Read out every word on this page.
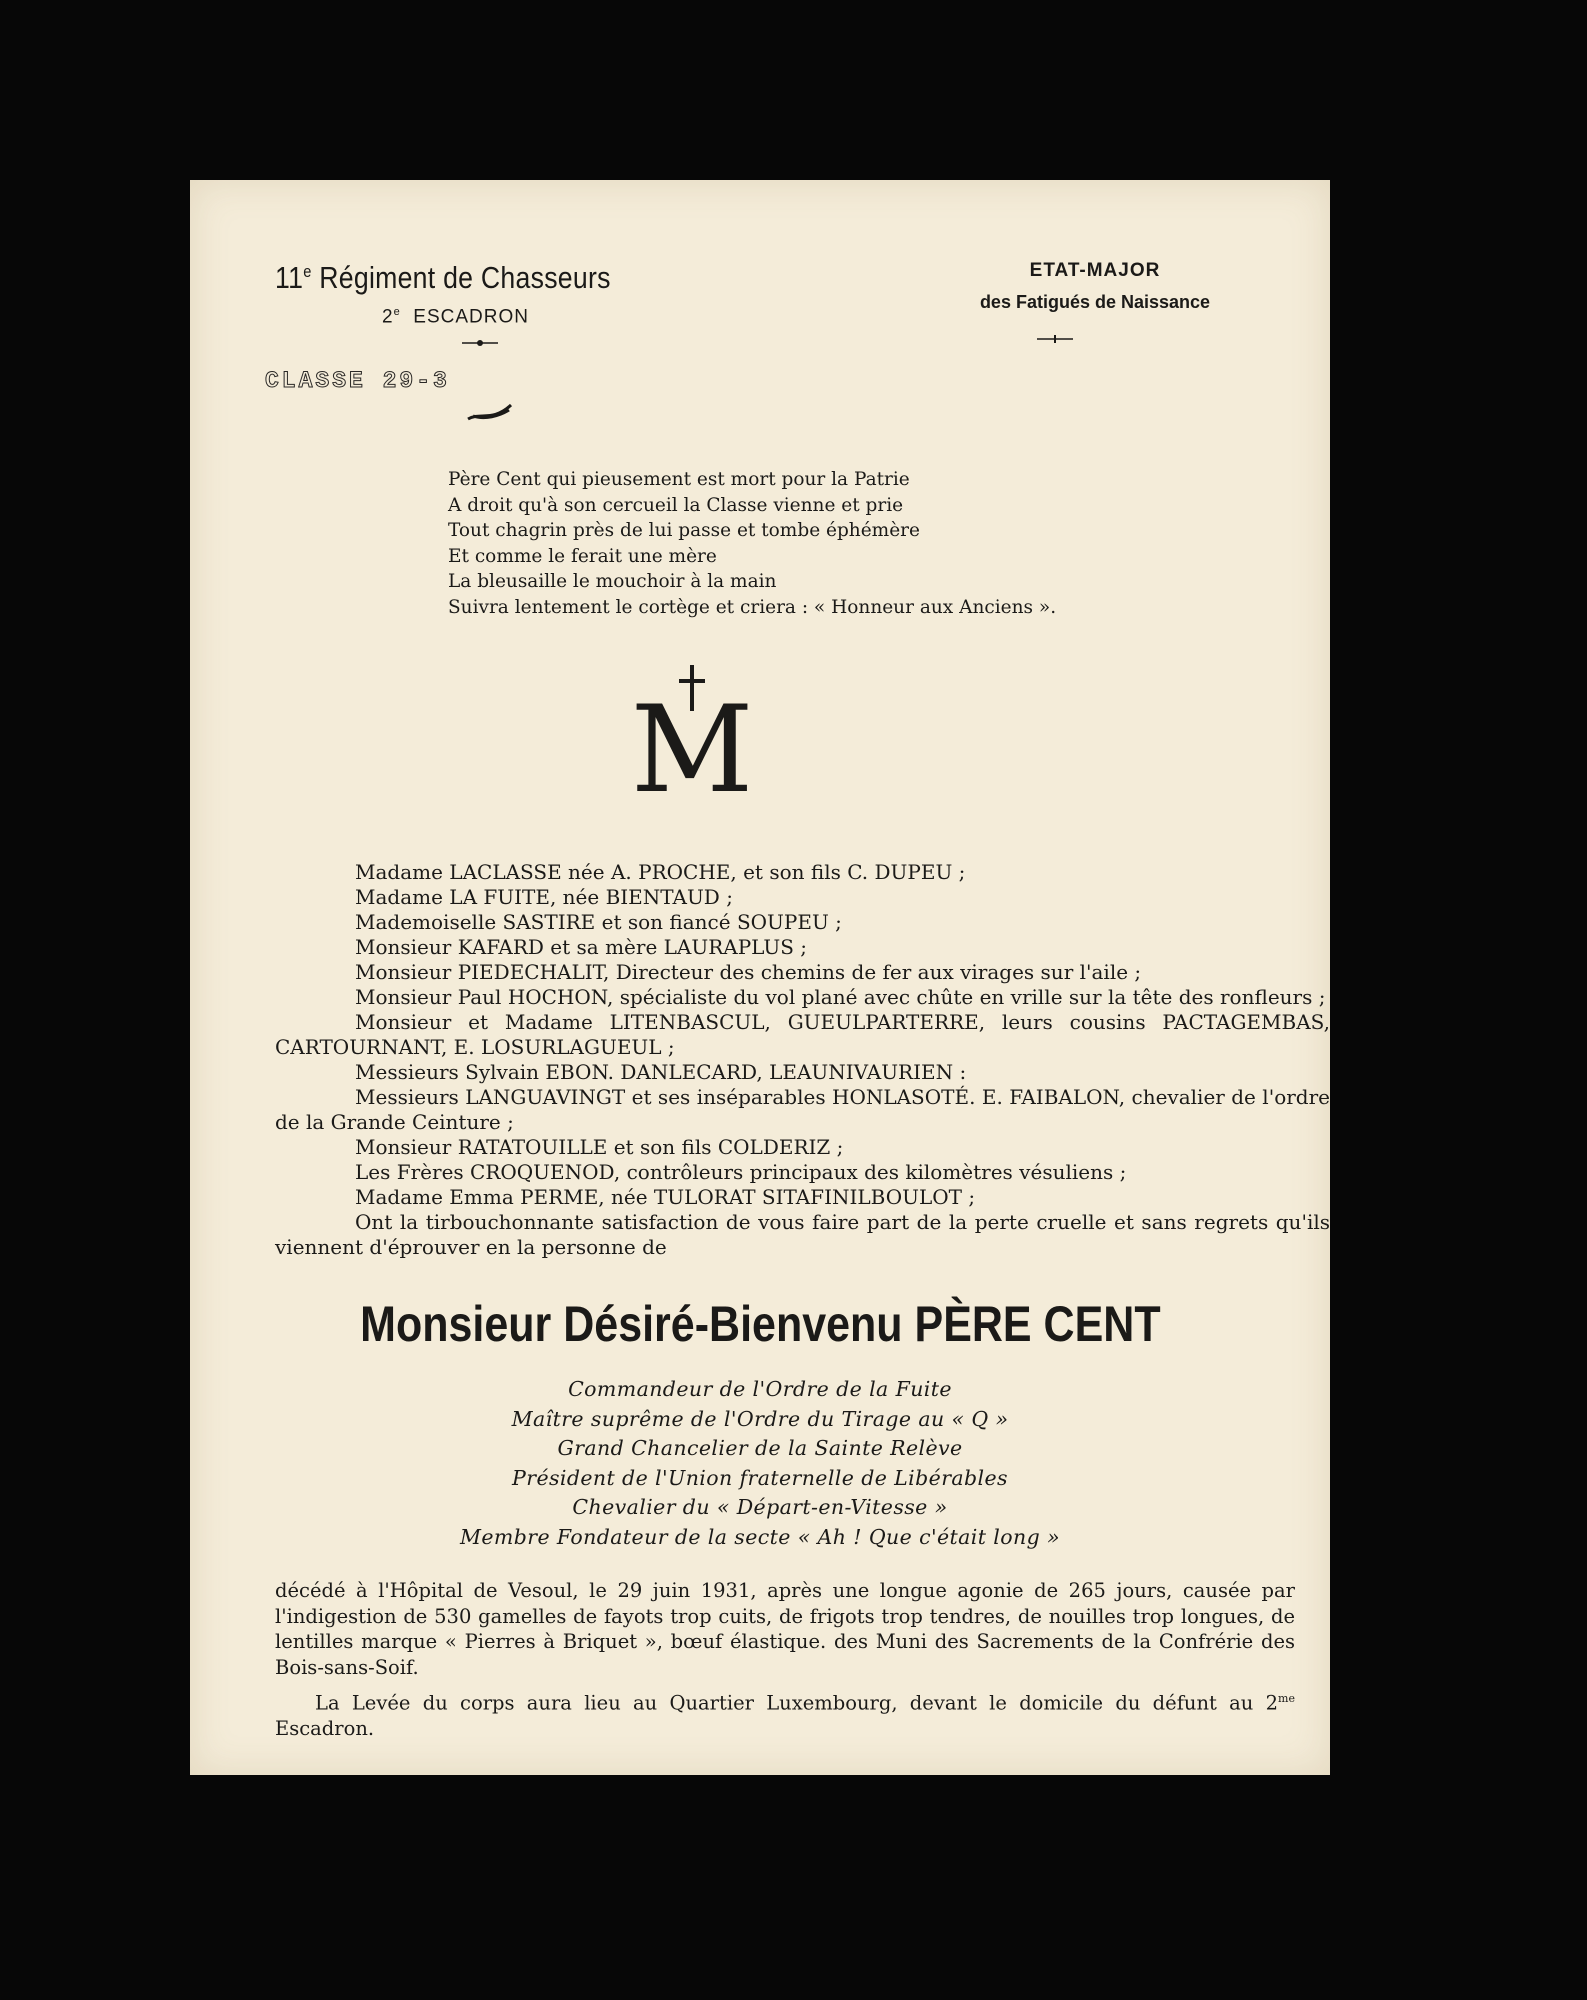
11e Régiment de Chasseurs
2e ESCADRON
CLASSE 29-3
ETAT-MAJOR
des Fatigués de Naissance
Père Cent qui pieusement est mort pour la Patrie
A droit qu'à son cercueil la Classe vienne et prie
Tout chagrin près de lui passe et tombe éphémère
Et comme le ferait une mère
La bleusaille le mouchoir à la main
Suivra lentement le cortège et criera : « Honneur aux Anciens ».
M

Madame LACLASSE née A. PROCHE, et son fils C. DUPEU ;

Madame LA FUITE, née BIENTAUD ;

Mademoiselle SASTIRE et son fiancé SOUPEU ;

Monsieur KAFARD et sa mère LAURAPLUS ;

Monsieur PIEDECHALIT, Directeur des chemins de fer aux virages sur l'aile ;

Monsieur Paul HOCHON, spécialiste du vol plané avec chûte en vrille sur la tête des ronfleurs ;

Monsieur et Madame LITENBASCUL, GUEULPARTERRE, leurs cousins PACTAGEMBAS, CARTOURNANT, E. LOSURLAGUEUL ;

Messieurs Sylvain EBON. DANLECARD, LEAUNIVAURIEN :

Messieurs LANGUAVINGT et ses inséparables HONLASOTÉ. E. FAIBALON, chevalier de l'ordre de la Grande Ceinture ;

Monsieur RATATOUILLE et son fils COLDERIZ ;

Les Frères CROQUENOD, contrôleurs principaux des kilomètres vésuliens ;

Madame Emma PERME, née TULORAT SITAFINILBOULOT ;

Ont la tirbouchonnante satisfaction de vous faire part de la perte cruelle et sans regrets qu'ils viennent d'éprouver en la personne de

Monsieur Désiré-Bienvenu PÈRE CENT
Commandeur de l'Ordre de la Fuite
Maître suprême de l'Ordre du Tirage au « Q »
Grand Chancelier de la Sainte Relève
Président de l'Union fraternelle de Libérables
Chevalier du « Départ-en-Vitesse »
Membre Fondateur de la secte « Ah ! Que c'était long »

décédé à l'Hôpital de Vesoul, le 29 juin 1931, après une longue agonie de 265 jours, causée par l'indigestion de 530 gamelles de fayots trop cuits, de frigots trop tendres, de nouilles trop longues, de lentilles marque « Pierres à Briquet », bœuf élastique. des Muni des Sacrements de la Confrérie des Bois-sans-Soif.

La Levée du corps aura lieu au Quartier Luxembourg, devant le domicile du défunt au $2^{me}$ Escadron.
